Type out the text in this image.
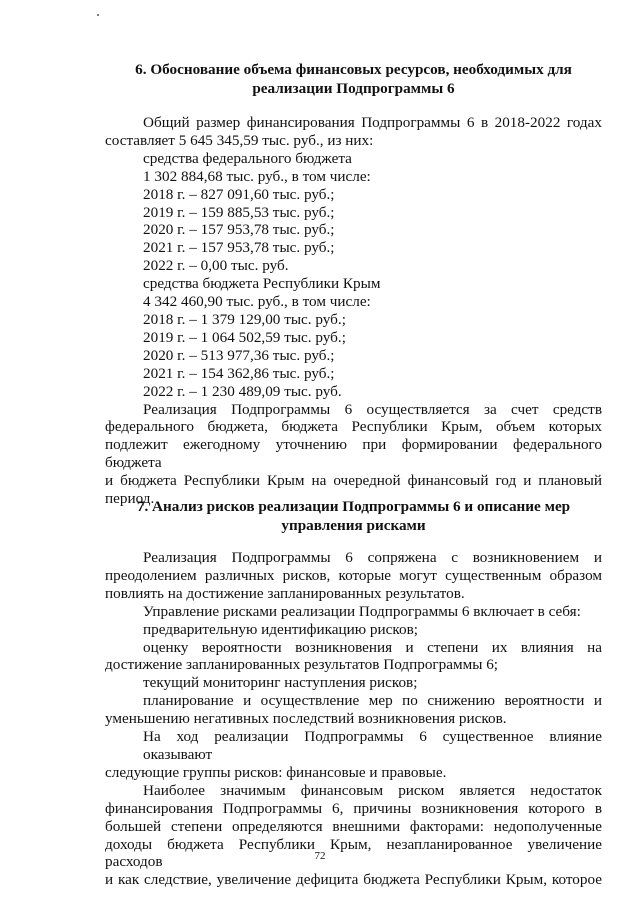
6. Обоснование объема финансовых ресурсов, необходимых для
реализации Подпрограммы 6
Общий размер финансирования Подпрограммы 6 в 2018-2022 годах
составляет 5 645 345,59 тыс. руб., из них:
средства федерального бюджета
1 302 884,68 тыс. руб., в том числе:
2018 г. – 827 091,60 тыс. руб.;
2019 г. – 159 885,53 тыс. руб.;
2020 г. – 157 953,78 тыс. руб.;
2021 г. – 157 953,78 тыс. руб.;
2022 г. – 0,00 тыс. руб.
средства бюджета Республики Крым
4 342 460,90 тыс. руб., в том числе:
2018 г. – 1 379 129,00 тыс. руб.;
2019 г. – 1 064 502,59 тыс. руб.;
2020 г. – 513 977,36 тыс. руб.;
2021 г. – 154 362,86 тыс. руб.;
2022 г. – 1 230 489,09 тыс. руб.
Реализация Подпрограммы 6 осуществляется за счет средств
федерального бюджета, бюджета Республики Крым, объем которых
подлежит ежегодному уточнению при формировании федерального бюджета
и бюджета Республики Крым на очередной финансовый год и плановый
период.
7. Анализ рисков реализации Подпрограммы 6 и описание мер
управления рисками
Реализация Подпрограммы 6 сопряжена с возникновением и
преодолением различных рисков, которые могут существенным образом
повлиять на достижение запланированных результатов.
Управление рисками реализации Подпрограммы 6 включает в себя:
предварительную идентификацию рисков;
оценку вероятности возникновения и степени их влияния на
достижение запланированных результатов Подпрограммы 6;
текущий мониторинг наступления рисков;
планирование и осуществление мер по снижению вероятности и
уменьшению негативных последствий возникновения рисков.
На ход реализации Подпрограммы 6 существенное влияние оказывают
следующие группы рисков: финансовые и правовые.
Наиболее значимым финансовым риском является недостаток
финансирования Подпрограммы 6, причины возникновения которого в
большей степени определяются внешними факторами: недополученные
доходы бюджета Республики Крым, незапланированное увеличение расходов
и как следствие, увеличение дефицита бюджета Республики Крым, которое
72
